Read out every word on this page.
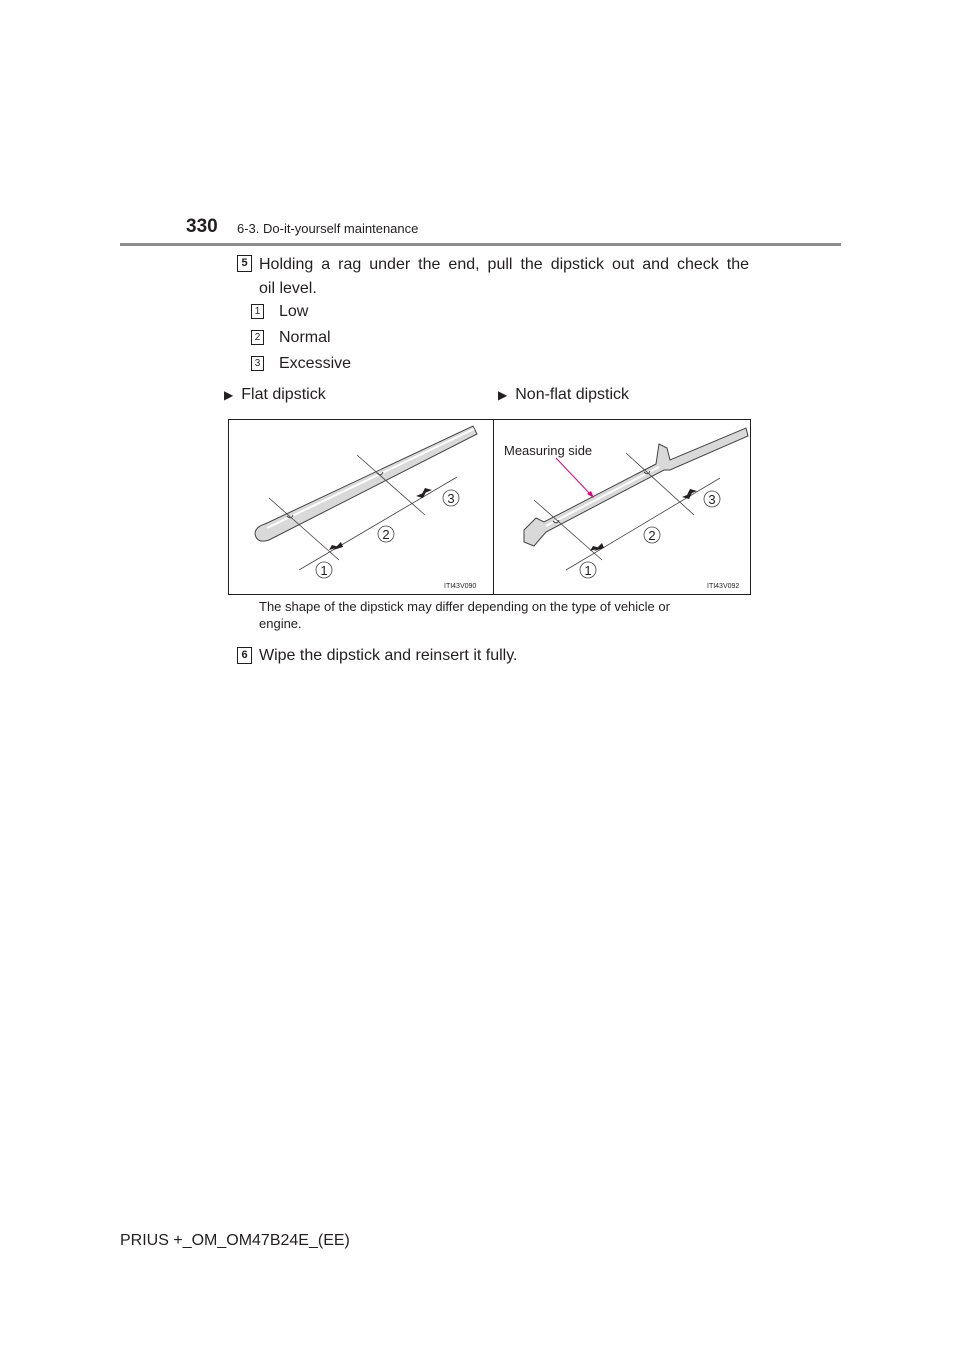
330 6-3. Do-it-yourself maintenance
5 Holding a rag under the end, pull the dipstick out and check the
oil level.
1 Low
2 Normal
3 Excessive
▶ Flat dipstick	▶ Non-flat dipstick
1
2
3
ITI43V090
Measuring side
1
2
3
ITI43V092
The shape of the dipstick may differ depending on the type of vehicle or
engine.
6 Wipe the dipstick and reinsert it fully.
PRIUS +_OM_OM47B24E_(EE)
